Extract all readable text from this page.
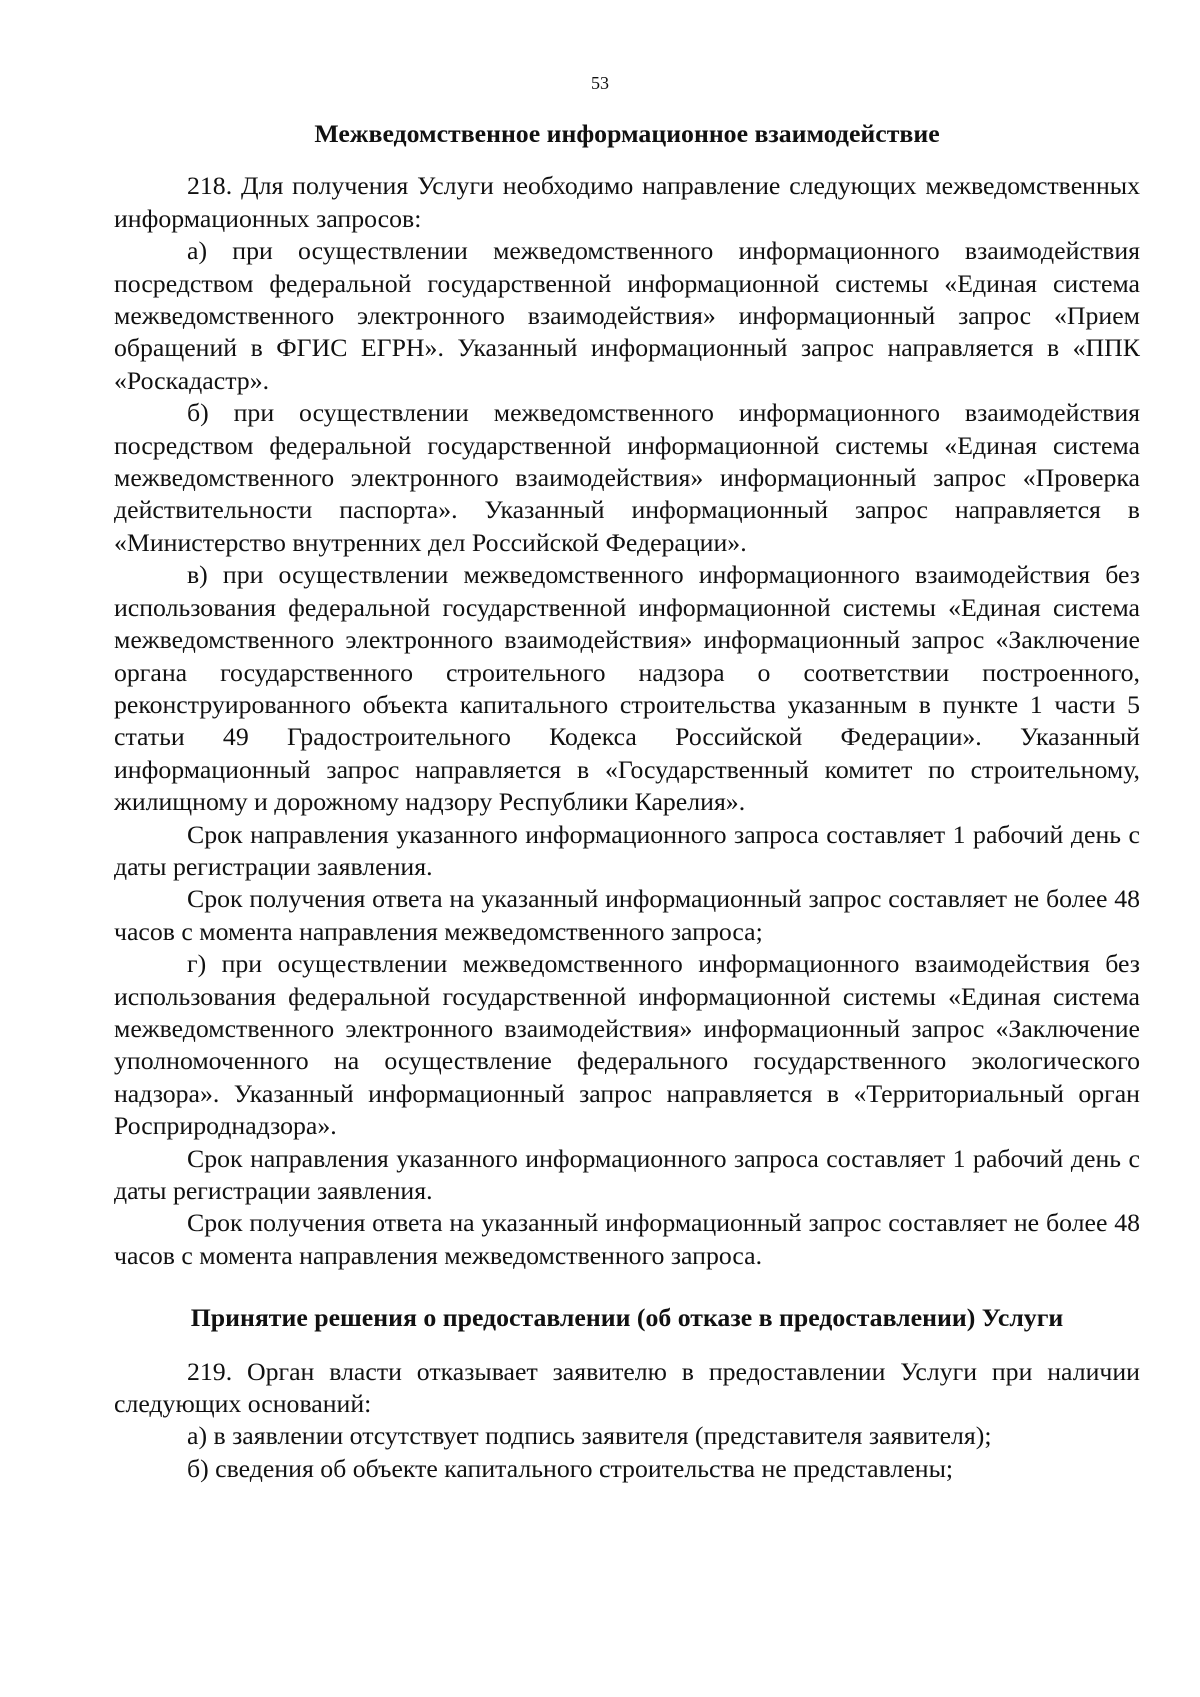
53

Межведомственное информационное взаимодействие

218. Для получения Услуги необходимо направление следующих межведомственных информационных запросов:

а) при осуществлении межведомственного информационного взаимодействия посредством федеральной государственной информационной системы «Единая система межведомственного электронного взаимодействия» информационный запрос «Прием обращений в ФГИС ЕГРН». Указанный информационный запрос направляется в «ППК «Роскадастр».

б) при осуществлении межведомственного информационного взаимодействия посредством федеральной государственной информационной системы «Единая система межведомственного электронного взаимодействия» информационный запрос «Проверка действительности паспорта». Указанный информационный запрос направляется в «Министерство внутренних дел Российской Федерации».

в) при осуществлении межведомственного информационного взаимодействия без использования федеральной государственной информационной системы «Единая система межведомственного электронного взаимодействия» информационный запрос «Заключение органа государственного строительного надзора о соответствии построенного, реконструированного объекта капитального строительства указанным в пункте 1 части 5 статьи 49 Градостроительного Кодекса Российской Федерации». Указанный информационный запрос направляется в «Государственный комитет по строительному, жилищному и дорожному надзору Республики Карелия».

Срок направления указанного информационного запроса составляет 1 рабочий день с даты регистрации заявления.

Срок получения ответа на указанный информационный запрос составляет не более 48 часов с момента направления межведомственного запроса;

г) при осуществлении межведомственного информационного взаимодействия без использования федеральной государственной информационной системы «Единая система межведомственного электронного взаимодействия» информационный запрос «Заключение уполномоченного на осуществление федерального государственного экологического надзора». Указанный информационный запрос направляется в «Территориальный орган Росприроднадзора».

Срок направления указанного информационного запроса составляет 1 рабочий день с даты регистрации заявления.

Срок получения ответа на указанный информационный запрос составляет не более 48 часов с момента направления межведомственного запроса.

Принятие решения о предоставлении (об отказе в предоставлении) Услуги

219. Орган власти отказывает заявителю в предоставлении Услуги при наличии следующих оснований:

а) в заявлении отсутствует подпись заявителя (представителя заявителя);

б) сведения об объекте капитального строительства не представлены;
